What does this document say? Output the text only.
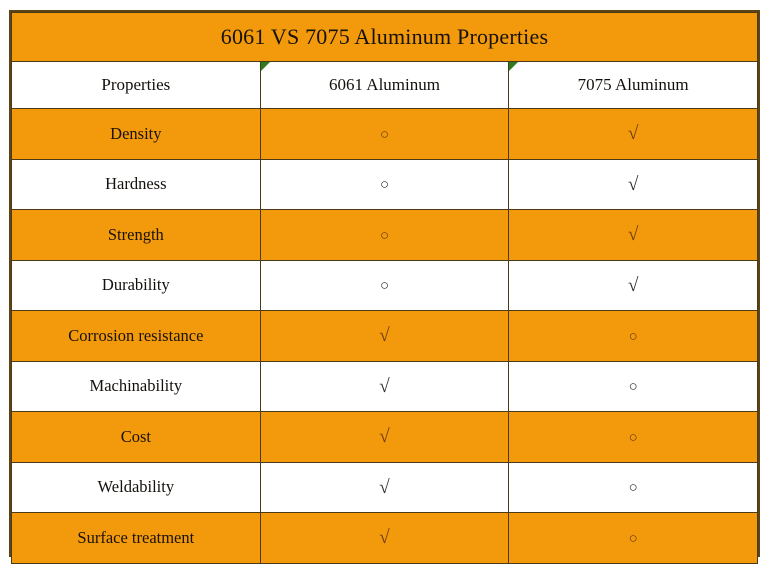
6061 VS 7075 Aluminum Properties		
Properties	6061 Aluminum	7075 Aluminum
Density	○	√
Hardness	○	√
Strength	○	√
Durability	○	√
Corrosion resistance	√	○
Machinability	√	○
Cost	√	○
Weldability	√	○
Surface treatment	√	○
